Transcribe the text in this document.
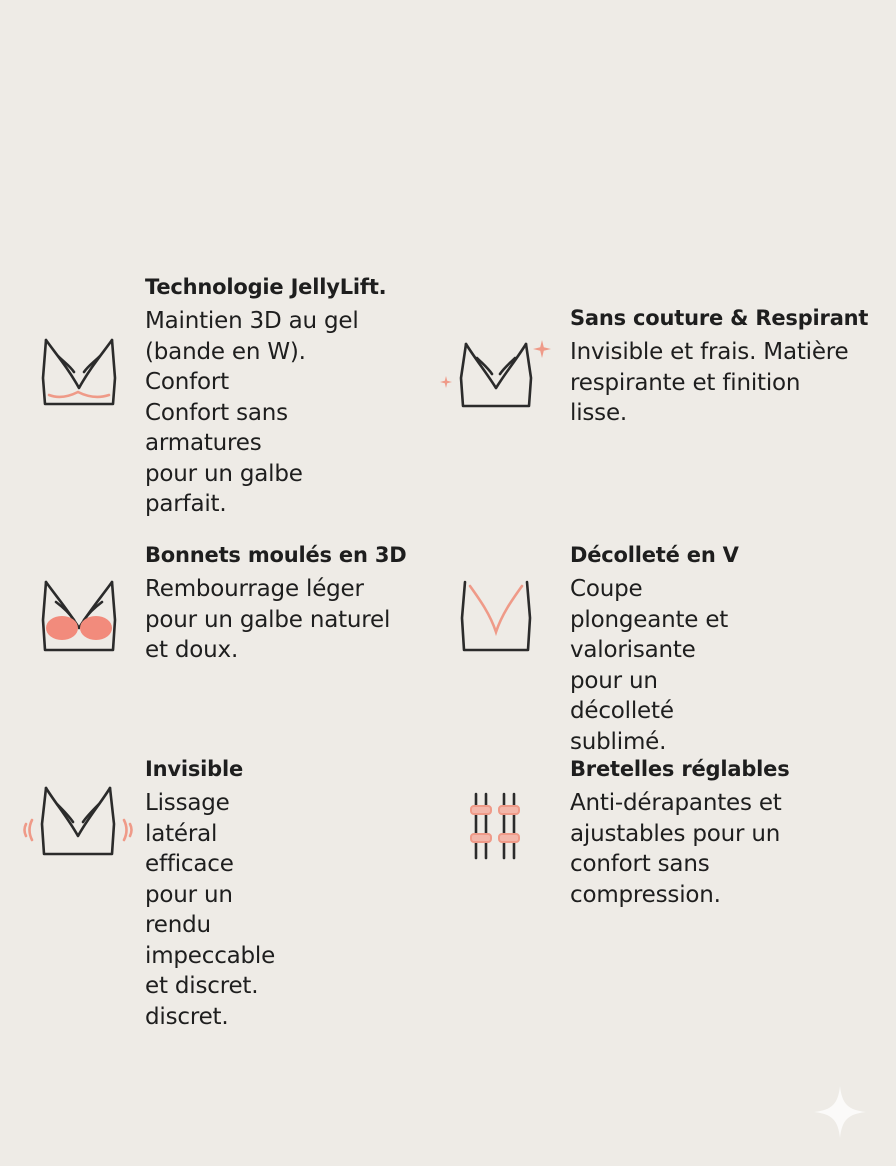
Technologie JellyLift.
Maintien 3D au gel
(bande en W). Confort
Confort sans armatures
pour un galbe parfait.
Sans couture & Respirant
Invisible et frais. Matière
respirante et finition
lisse.
Bonnets moulés en 3D
Rembourrage léger
pour un galbe naturel
et doux.
Décolleté en V
Coupe plongeante et
valorisante pour un
décolleté sublimé.
Invisible
Lissage latéral efficace
pour un rendu
impeccable et discret.
discret.
Bretelles réglables
Anti-dérapantes et
ajustables pour un
confort sans
compression.
